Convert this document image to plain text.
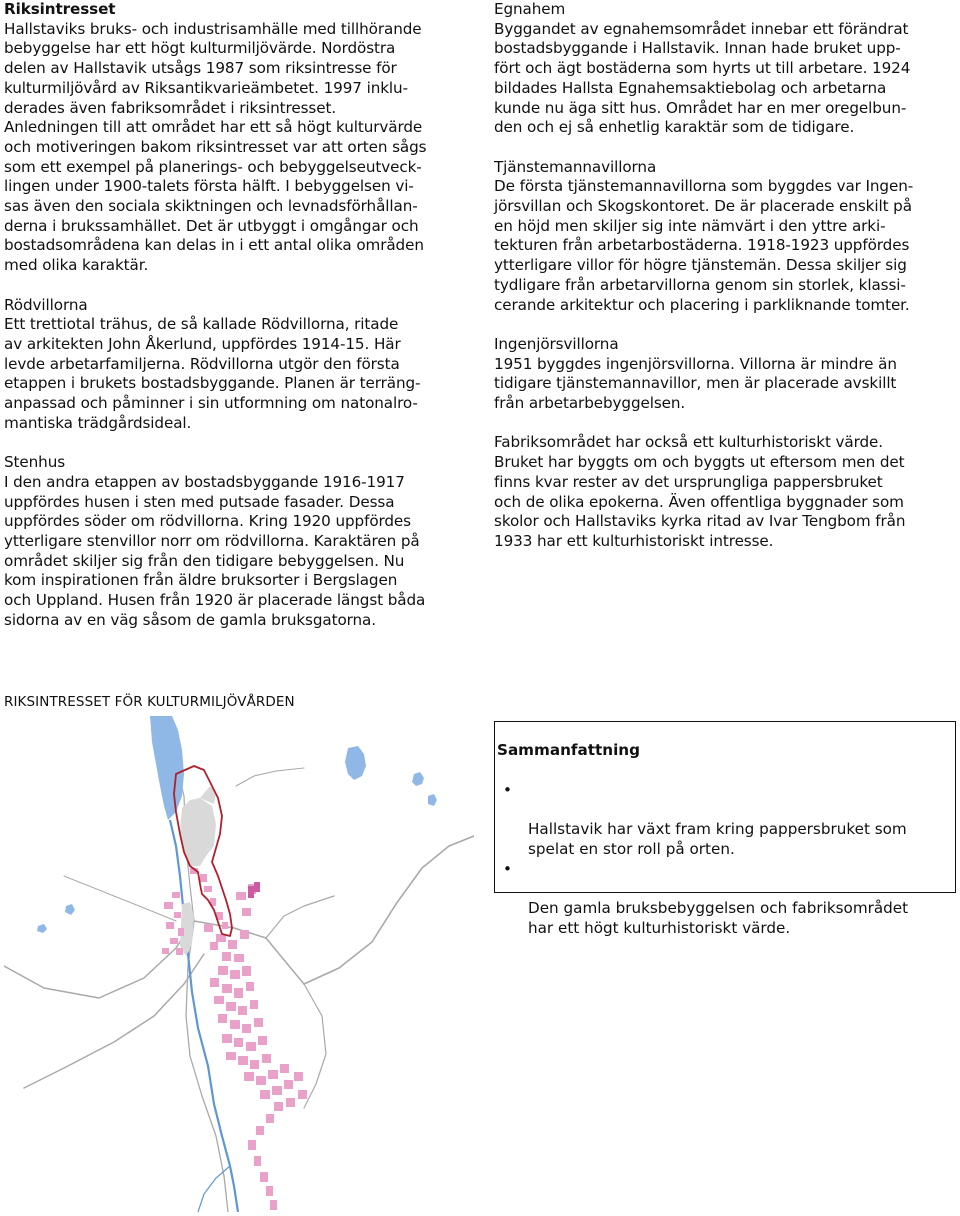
Riksintresset

Hallstaviks bruks- och industrisamhälle med tillhörande
bebyggelse har ett högt kulturmiljövärde. Nordöstra
delen av Hallstavik utsågs 1987 som riksintresse för
kulturmiljövård av Riksantikvarieämbetet. 1997 inklu-
derades även fabriksområdet i riksintresset.
Anledningen till att området har ett så högt kulturvärde
och motiveringen bakom riksintresset var att orten sågs
som ett exempel på planerings- och bebyggelseutveck-
lingen under 1900-talets första hälft. I bebyggelsen vi-
sas även den sociala skiktningen och levnadsförhållan-
derna i brukssamhället. Det är utbyggt i omgångar och
bostadsområdena kan delas in i ett antal olika områden
med olika karaktär.

Rödvillorna

Ett trettiotal trähus, de så kallade Rödvillorna, ritade
av arkitekten John Åkerlund, uppfördes 1914-15. Här
levde arbetarfamiljerna. Rödvillorna utgör den första
etappen i brukets bostadsbyggande. Planen är terräng-
anpassad och påminner i sin utformning om natonalro-
mantiska trädgårdsideal.

Stenhus

I den andra etappen av bostadsbyggande 1916-1917
uppfördes husen i sten med putsade fasader. Dessa
uppfördes söder om rödvillorna. Kring 1920 uppfördes
ytterligare stenvillor norr om rödvillorna. Karaktären på
området skiljer sig från den tidigare bebyggelsen. Nu
kom inspirationen från äldre bruksorter i Bergslagen
och Uppland. Husen från 1920 är placerade längst båda
sidorna av en väg såsom de gamla bruksgatorna.

Egnahem

Byggandet av egnahemsområdet innebar ett förändrat
bostadsbyggande i Hallstavik. Innan hade bruket upp-
fört och ägt bostäderna som hyrts ut till arbetare. 1924
bildades Hallsta Egnahemsaktiebolag och arbetarna
kunde nu äga sitt hus. Området har en mer oregelbun-
den och ej så enhetlig karaktär som de tidigare.

Tjänstemannavillorna

De första tjänstemannavillorna som byggdes var Ingen-
jörsvillan och Skogskontoret. De är placerade enskilt på
en höjd men skiljer sig inte nämvärt i den yttre arki-
tekturen från arbetarbostäderna. 1918-1923 uppfördes
ytterligare villor för högre tjänstemän. Dessa skiljer sig
tydligare från arbetarvillorna genom sin storlek, klassi-
cerande arkitektur och placering i parkliknande tomter.

Ingenjörsvillorna

1951 byggdes ingenjörsvillorna. Villorna är mindre än
tidigare tjänstemannavillor, men är placerade avskillt
från arbetarbebyggelsen.

Fabriksområdet har också ett kulturhistoriskt värde.
Bruket har byggts om och byggts ut eftersom men det
finns kvar rester av det ursprungliga pappersbruket
och de olika epokerna. Även offentliga byggnader som
skolor och Hallstaviks kyrka ritad av Ivar Tengbom från
1933 har ett kulturhistoriskt intresse.

RIKSINTRESSET FÖR KULTURMILJÖVÅRDEN
Sammanfattning

•

Hallstavik har växt fram kring pappersbruket som
spelat en stor roll på orten.

•

Den gamla bruksbebyggelsen och fabriksområdet
har ett högt kulturhistoriskt värde.
